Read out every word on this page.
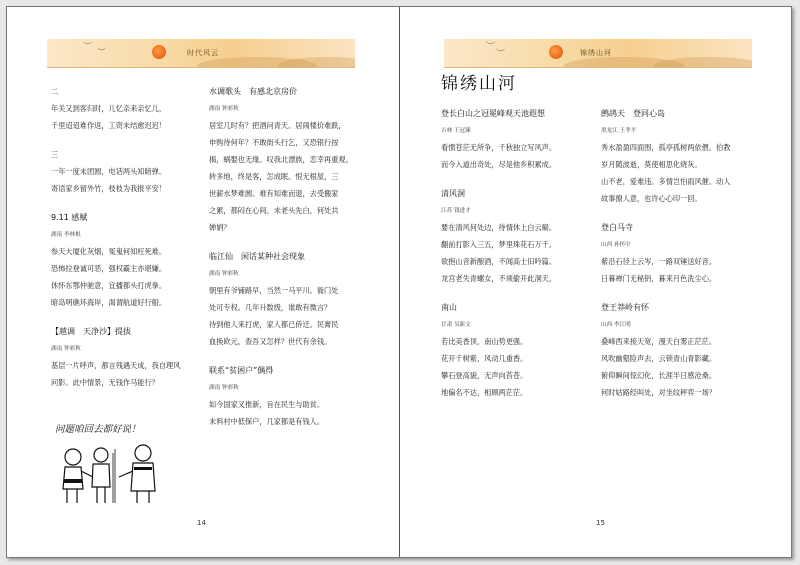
︶
︶	时代风云
二
年关又到客归时，儿忆亲来亲忆儿，
千里迢迢难作返，工资未结愈迟迟！
三
一年一度未团圆，电话两头知暗弹。
寄语家乡留外竹，枝枝为我报平安！
9.11 感赋
湖南 李林根
参天大厦化灰烟，冤鬼何知枉死难。
恐怖拉登诚可恶，强权霸主亦堪嫌。
休怀东鄂仲驰意，宜播都头打虎拳。
暗岛明礁环海岸，渴谓航道好行船。
【越调　天净沙】提拔
湖南 钟彩秋
基层一片呼声，都言残遇天成，我自理风
问影。此中情景，无钱作马能行？
水调歌头　有感北京房价
湖南 钟彩秋
居室几时有？把酒问青天。居闹楼价难跌，
申购待何年？不敢街头行乞，又恐银行按
揭，蜗娶也无缘。叹我北漂族，恋幸再重观。
转多地，终是客，怎成眠。恨无根屋，三
世薪水梦难圆。难有知难而退，去受搬家
之累，都闷在心间。未老头先白，何处共
婵娟？
临江仙　闲话某种社会现象
湖南 钟彩秋
朝里有爷铺路早，当然一马平川。衙门处
处可专权。几年升数级，谁敢有微言？
待到他人来打虎，家人都已侨迁。民膏民
血换欧元，查吾又怎样？世代有余钱。
联系“贫困户”偶得
湖南 钟彩秋
如今国家又推新，旨在民生与助贫。
未料村中低保户，几家都是有钱人。
问题咱回去都好说！
14
︶
︶	锦绣山河
15
锦绣山河
登长白山之冠冕峰观天池遐想
吉林 王冠臻
看惯苍茫无所争，千秋独立写风声。
而今入道出奇处，尽是他乡积累成。
清风洞
江苏 钱进才
要在清风何处边，待情休上白云巅。
翻前打影入三五，梦里珠花石万千。
欲抱山音新酿酒，不闻高士旧吟篇。
龙宫老失青螺女，不须偷开此洞天。
南山
甘肃 吴新文
若比美香顶，南山势更强。
花开千树紫，风动几重香。
攀石登高貌，无声向苔苍。
地偏名不达，相顾两茫茫。
鹧鸪天　登同心岛
黑龙江 王孝平
秀水盈盈四面围，孤亭孤树两依偎。伯教
岁月随波逝，莫使相思化烧灰。
山不老，爱难违。多情岂怕雨风催。动人
故事撩人意，也许心心印一回。
登白马寺
山西 孙怀中
紫沿石径上云岑，一路双锤送好音。
日暮禅门无秘钥，暮来月色洗尘心。
登王莽岭有怀
山西 李江明
叠峰西来接天宽，漫天白雾正茫茫。
风吹幽壑险声去，云锁青山青影藏。
俯仰瞬间惊幻化，长涯半日感沧桑。
何时姑路经叫处，对坐纹秤弈一场？
